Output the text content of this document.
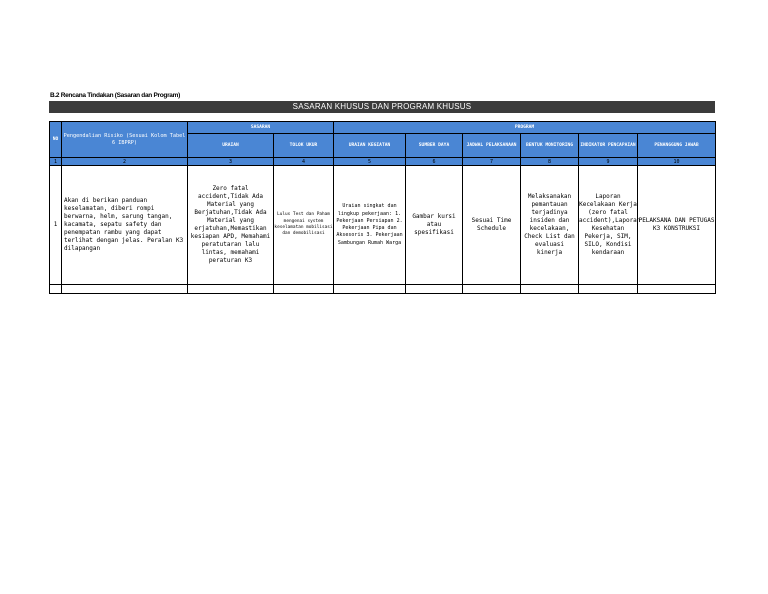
B.2 Rencana Tindakan (Sasaran dan Program)
SASARAN KHUSUS DAN PROGRAM KHUSUS
NO	Pengendalian Risiko (Sesuai Kolom Tabel 6 IBPRP)	SASARAN		PROGRAM					
		URAIAN	TOLOK UKUR	URAIAN KEGIATAN	SUMBER DAYA	JADWAL PELAKSANAAN	BENTUK MONITORING	INDIKATOR PENCAPAIAN	PENANGGUNG JAWAB
1	2	3	4	5	6	7	8	9	10
1	Akan di berikan panduan keselamatan, diberi rompi berwarna, helm, sarung tangan, kacamata, sepatu safety dan penempatan rambu yang dapat terlihat dengan jelas. Peralan K3 dilapangan	Zero fatal accident,Tidak Ada Material yang Berjatuhan,Tidak Ada Material yang erjatuhan,Memastikan kesiapan APD, Memahami peratutaran lalu lintas, memahami peraturan K3	Lulus Test dan Paham mengenai system keselamatan mobilisasi dan demobilisasi	Uraian singkat dan lingkup pekerjaan: 1. Pekerjaan Persiapan 2. Pekerjaan Pipa dan Aksesoris 3. Pekerjaan Sambungan Rumah Warga	Gambar kursi atau spesifikasi	Sesuai Time Schedule	Melaksanakan pemantauan terjadinya insiden dan kecelakaan, Check List dan evaluasi kinerja	Laporan Kecelakaan Kerja (zero fatal accident),Laporan Kesehatan Pekerja, SIM, SILO, Kondisi kendaraan	PELAKSANA DAN PETUGAS K3 KONSTRUKSI
